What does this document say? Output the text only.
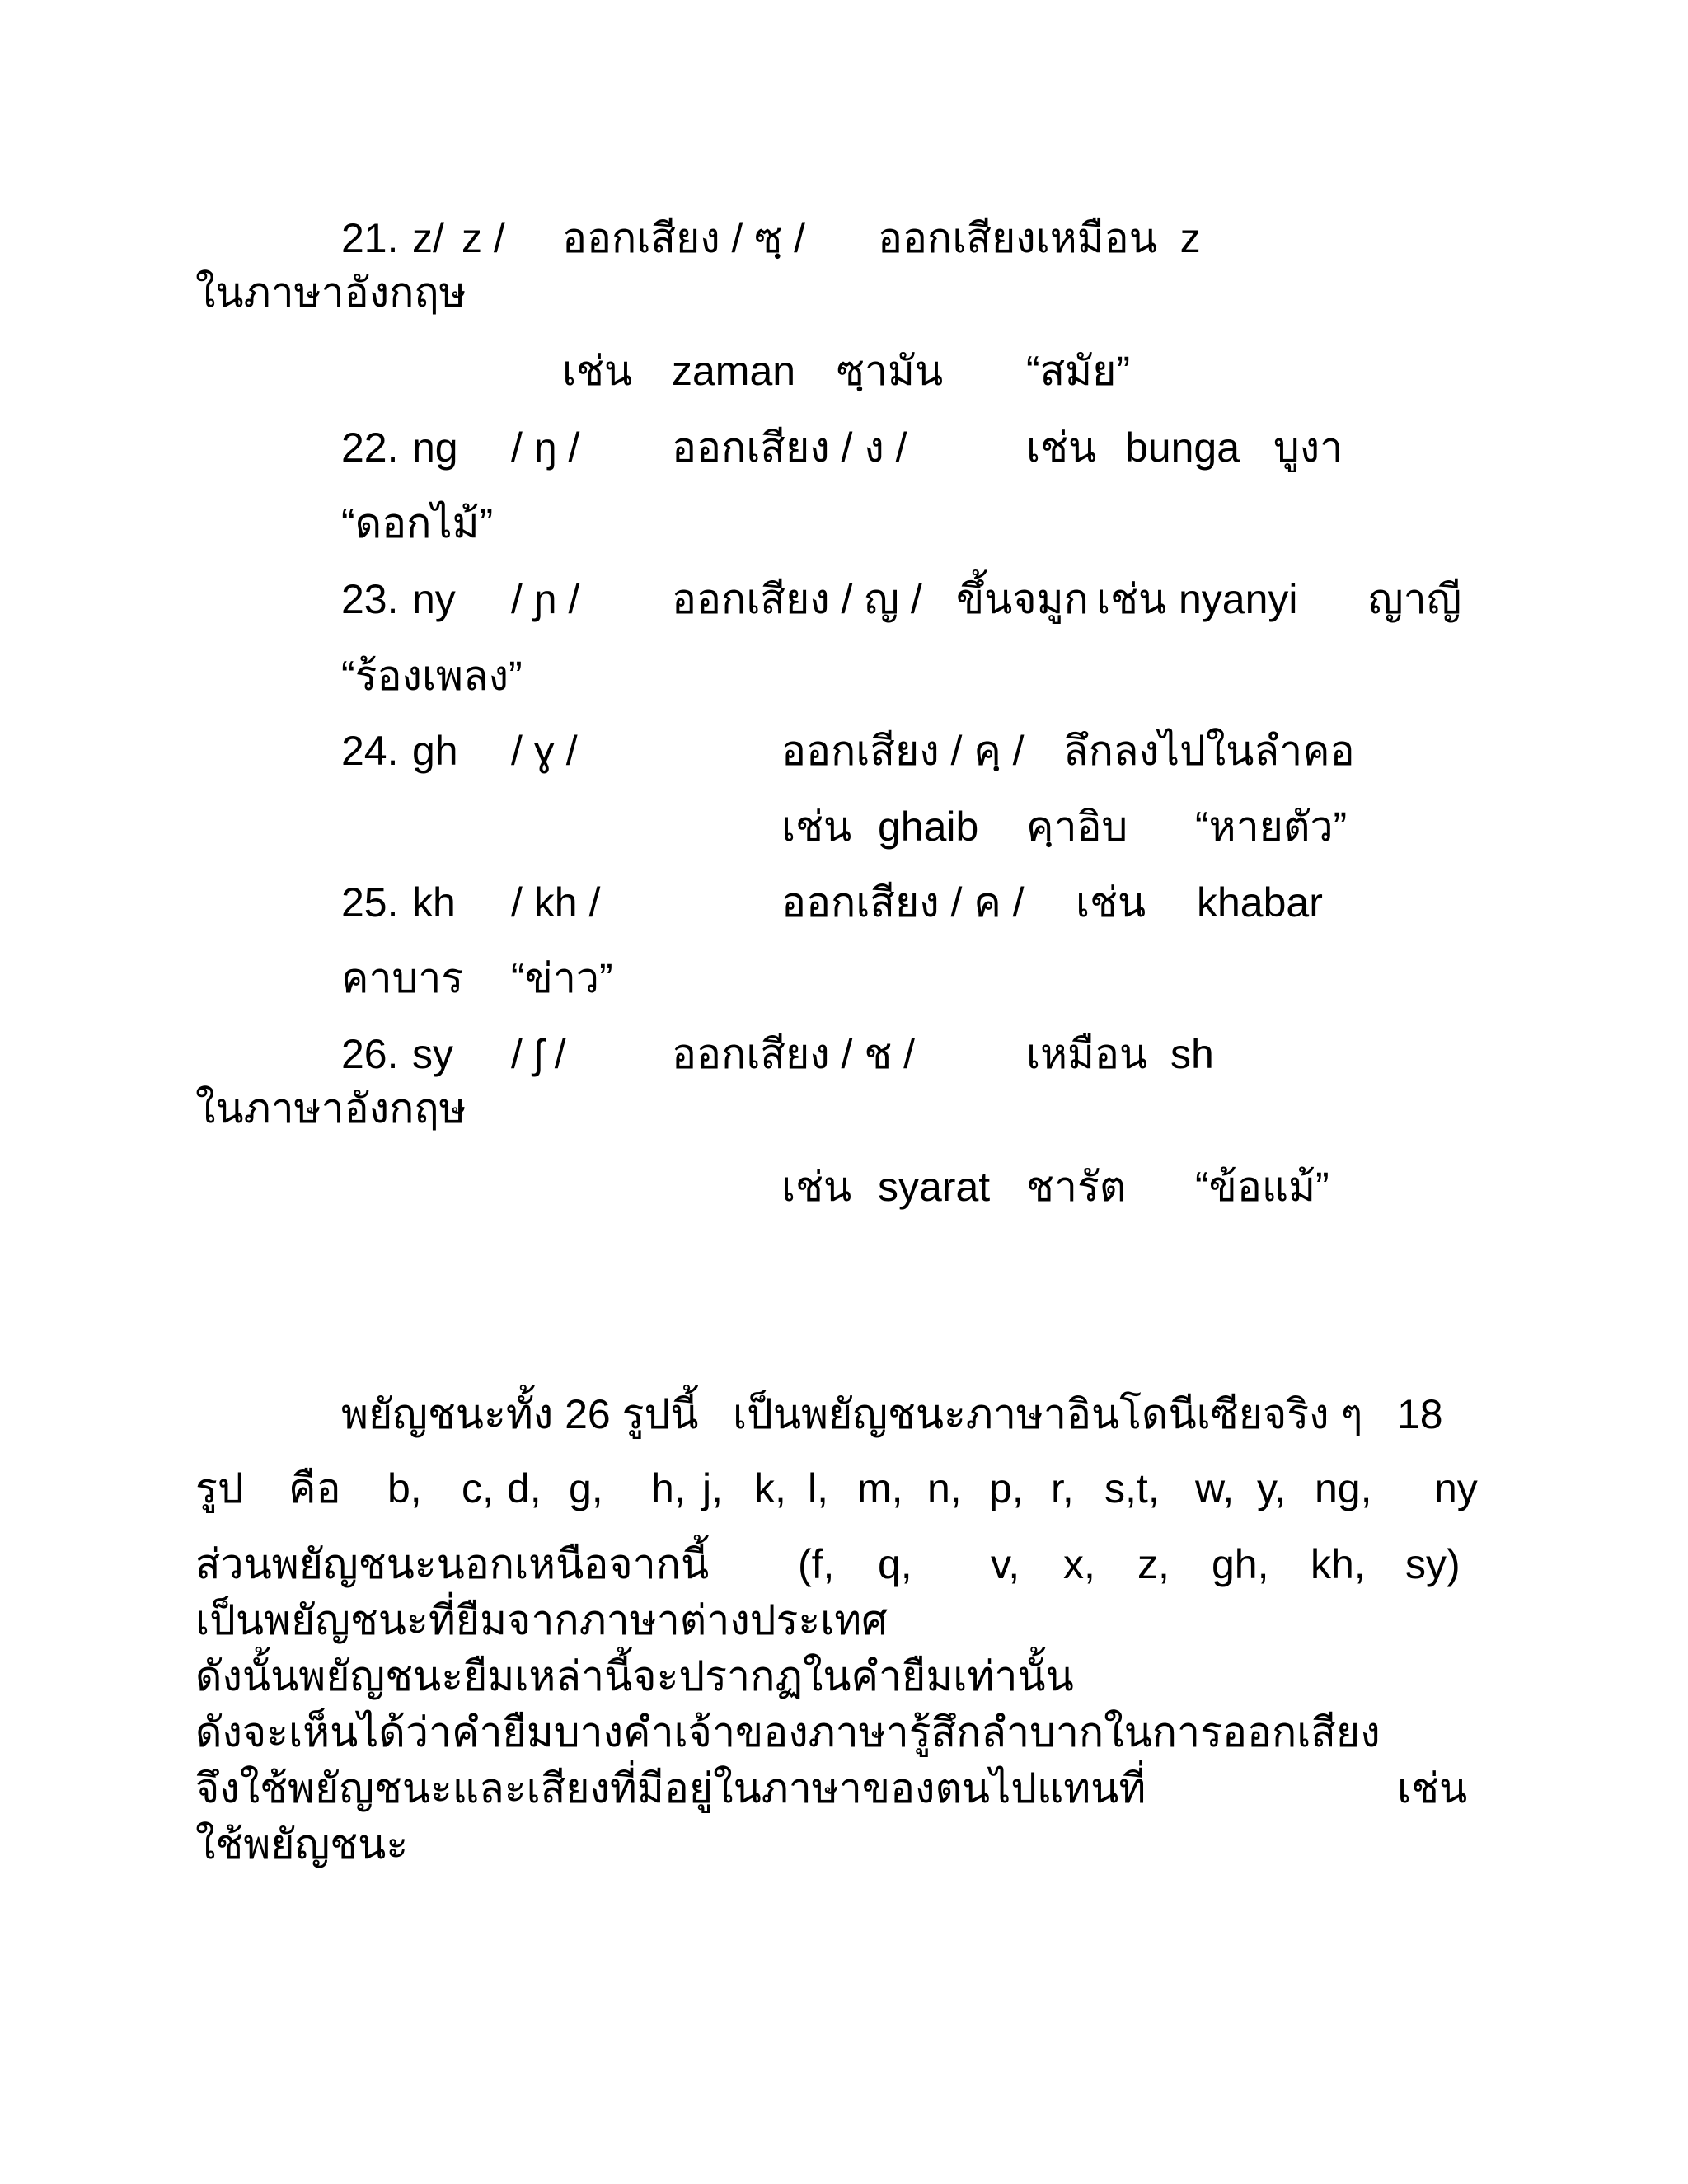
21. z/ z / ออกเสียง / ซฺ / ออกเสียงเหมือน  z
ในภาษาอังกฤษ
เช่น zaman ซฺามัน “สมัย”
22. ng / ŋ / ออกเสียง / ง /	เช่น bunga บูงา
“ดอกไม้”
23. ny / ɲ / ออกเสียง / ญ / ขึ้นจมูก เช่น nyanyi ญาญี
“ร้องเพลง”
24. gh / ɣ /	ออกเสียง / คฺ / ลึกลงไปในลำคอ
เช่น ghaib คฺาอิบ “หายตัว”
25. kh / kh /	ออกเสียง / ค / เช่น khabar
คาบาร “ข่าว”
26. sy / ʃ /	ออกเสียง / ช /	เหมือน  sh
ในภาษาอังกฤษ
เช่น syarat ชารัต “ข้อแม้”
พยัญชนะทั้ง 26 รูปนี้   เป็นพยัญชนะภาษาอินโดนีเซียจริง ๆ   18
รูป คือ b, c, d, g, h, j, k, l, m, n, p, r, s,t, w, y, ng, ny
ส่วนพยัญชนะนอกเหนือจากนี้ (f, q, v, x, z, gh, kh, sy)
เป็นพยัญชนะที่ยืมจากภาษาต่างประเทศ
ดังนั้นพยัญชนะยืมเหล่านี้จะปรากฏในคำยืมเท่านั้น
ดังจะเห็นได้ว่าคำยืมบางคำเจ้าของภาษารู้สึกลำบากในการออกเสียง
จึงใช้พยัญชนะและเสียงที่มีอยู่ในภาษาของตนไปแทนที่	เช่น
ใช้พยัญชนะ
